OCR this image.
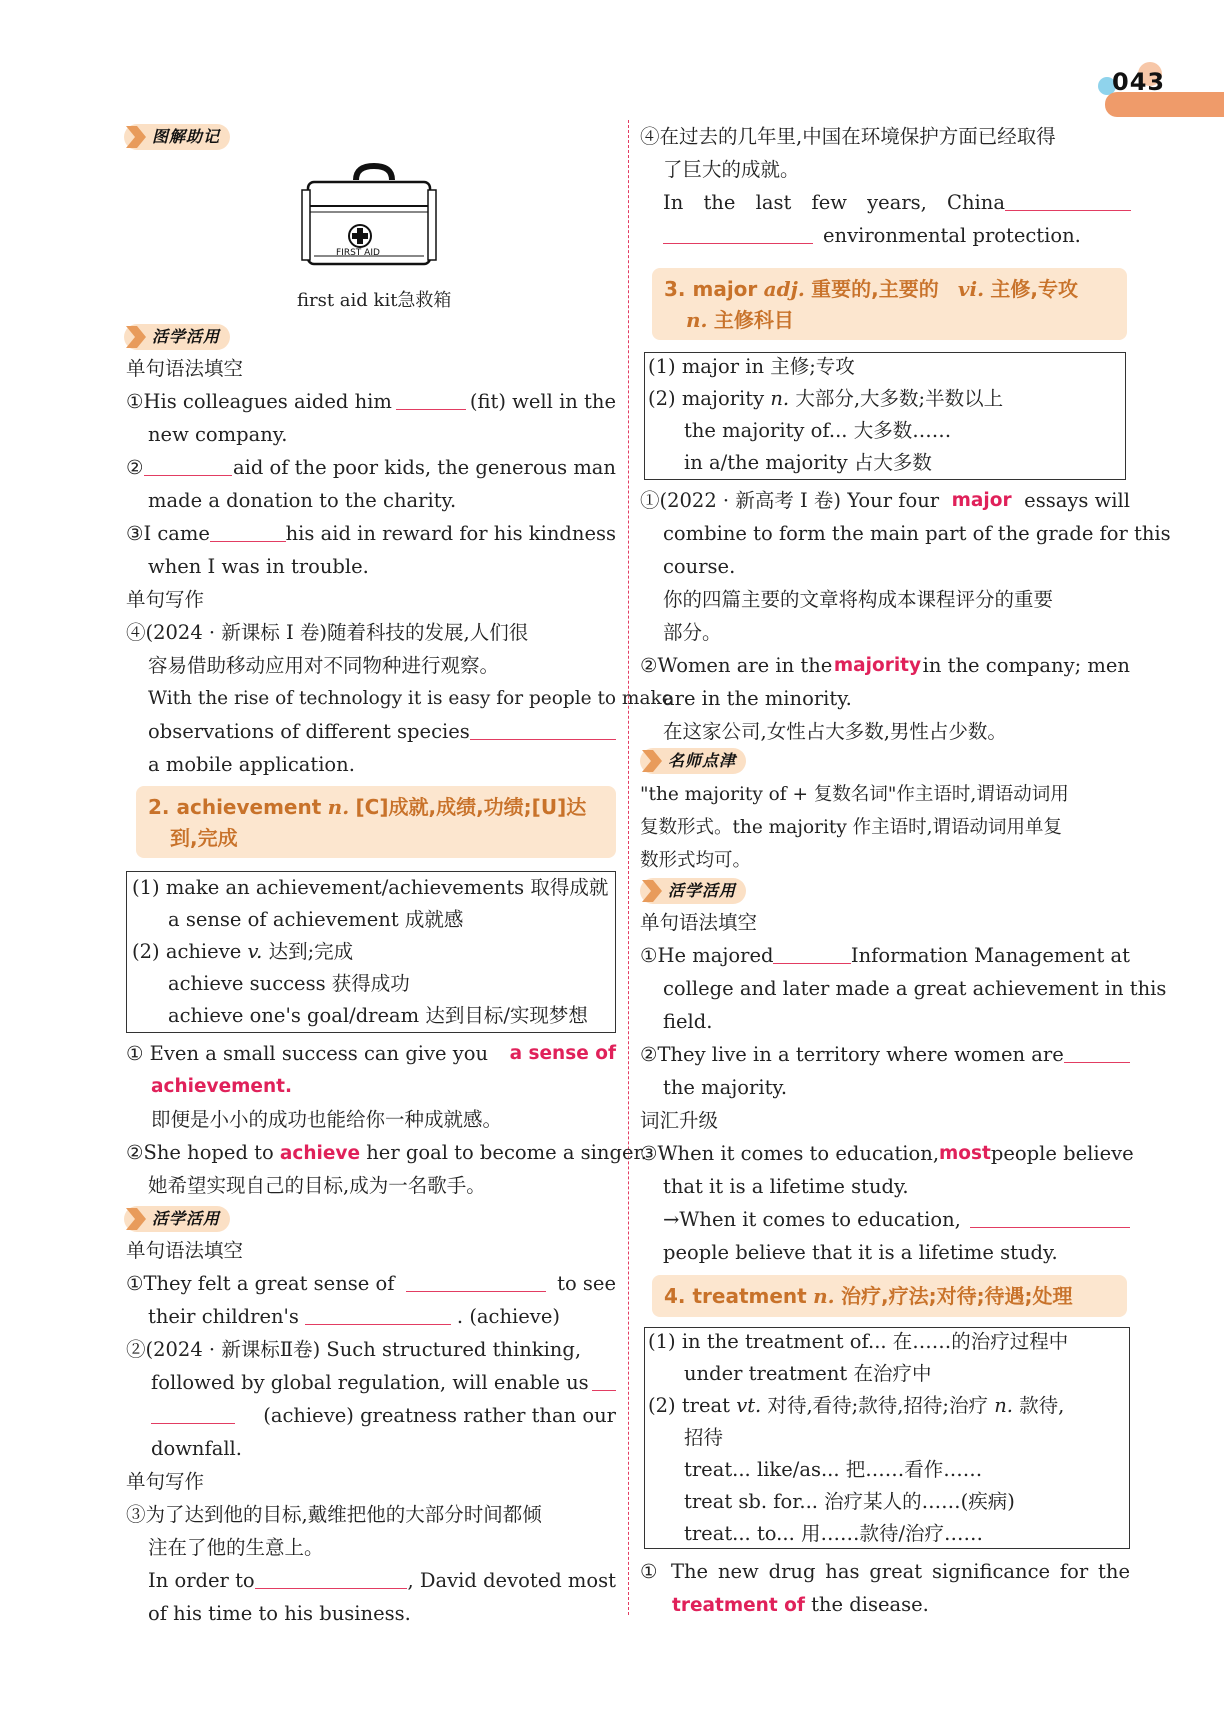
043
图解助记
FIRST AID
first aid kit急救箱
活学活用
单句语法填空
①His colleagues aided him	(fit) well in the
new company.
②	aid of the poor kids, the generous man
made a donation to the charity.
③I came	his aid in reward for his kindness
when I was in trouble.
单句写作
④(2024 · 新课标 Ⅰ 卷)随着科技的发展,人们很
容易借助移动应用对不同物种进行观察。
With the rise of technology it is easy for people to make
observations of different species
a mobile application.
2. achievement n. [C]成就,成绩,功绩;[U]达
到,完成
(1) make an achievement/achievements 取得成就
a sense of achievement 成就感
(2) achieve v. 达到;完成
achieve success 获得成功
achieve one's goal/dream 达到目标/实现梦想
① Even a small success can give you a sense of
achievement.
即便是小小的成功也能给你一种成就感。
②She hoped to achieve her goal to become a singer.
她希望实现自己的目标,成为一名歌手。
活学活用
单句语法填空
①They felt a great sense of	to see
their children's	. (achieve)
②(2024 · 新课标Ⅱ卷) Such structured thinking,
followed by global regulation, will enable us
(achieve) greatness rather than our
downfall.
单句写作
③为了达到他的目标,戴维把他的大部分时间都倾
注在了他的生意上。
In order to	, David devoted most
of his time to his business.
④在过去的几年里,中国在环境保护方面已经取得
了巨大的成就。
In the last few years, China
environmental protection.
3. major adj. 重要的,主要的 vi. 主修,专攻
n. 主修科目
(1) major in 主修;专攻
(2) majority n. 大部分,大多数;半数以上
the majority of... 大多数……
in a/the majority 占大多数
①(2022 · 新高考 Ⅰ 卷) Your four major essays will
combine to form the main part of the grade for this
course.
你的四篇主要的文章将构成本课程评分的重要
部分。
②Women are in the majority in the company; men
are in the minority.
在这家公司,女性占大多数,男性占少数。
名师点津
"the majority of + 复数名词"作主语时,谓语动词用
复数形式。the majority 作主语时,谓语动词用单复
数形式均可。
活学活用
单句语法填空
①He majored	Information Management at
college and later made a great achievement in this
field.
②They live in a territory where women are
the majority.
词汇升级
③When it comes to education, most people believe
that it is a lifetime study.
→When it comes to education,
people believe that it is a lifetime study.
4. treatment n. 治疗,疗法;对待;待遇;处理
(1) in the treatment of... 在……的治疗过程中
under treatment 在治疗中
(2) treat vt. 对待,看待;款待,招待;治疗 n. 款待,
招待
treat... like/as... 把……看作……
treat sb. for... 治疗某人的……(疾病)
treat... to... 用……款待/治疗……
① The new drug has great significance for the
treatment of the disease.
